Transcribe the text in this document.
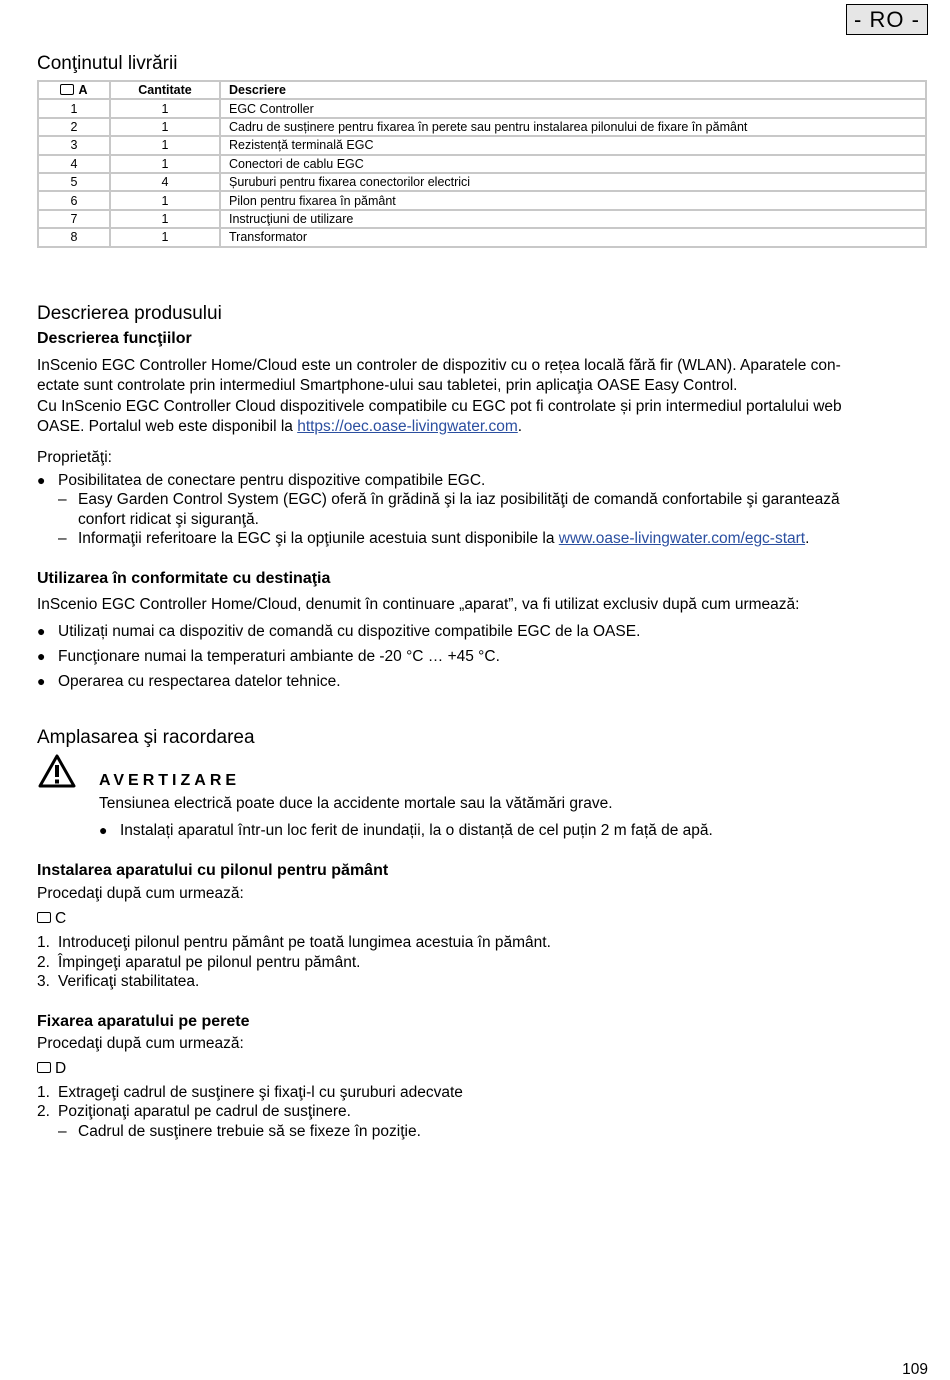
- RO -
Conţinutul livrării
A	Cantitate	Descriere
1	1	EGC Controller
2	1	Cadru de susținere pentru fixarea în perete sau pentru instalarea pilonului de fixare în pământ
3	1	Rezistență terminală EGC
4	1	Conectori de cablu EGC
5	4	Șuruburi pentru fixarea conectorilor electrici
6	1	Pilon pentru fixarea în pământ
7	1	Instrucţiuni de utilizare
8	1	Transformator
Descrierea produsului
Descrierea funcţiilor
InScenio EGC Controller Home/Cloud este un controler de dispozitiv cu o rețea locală fără fir (WLAN). Aparatele con-
ectate sunt controlate prin intermediul Smartphone-ului sau tabletei, prin aplicaţia OASE Easy Control.
Cu InScenio EGC Controller Cloud dispozitivele compatibile cu EGC pot fi controlate și prin intermediul portalului web
OASE. Portalul web este disponibil la https://oec.oase-livingwater.com.
Proprietăţi:
● Posibilitatea de conectare pentru dispozitive compatibile EGC.
– Easy Garden Control System (EGC) oferă în grădină şi la iaz posibilităţi de comandă confortabile şi garantează
confort ridicat şi siguranţă.
– Informaţii referitoare la EGC şi la opţiunile acestuia sunt disponibile la www.oase-livingwater.com/egc-start.
Utilizarea în conformitate cu destinaţia
InScenio EGC Controller Home/Cloud, denumit în continuare „aparat”, va fi utilizat exclusiv după cum urmează:
● Utilizați numai ca dispozitiv de comandă cu dispozitive compatibile EGC de la OASE.
● Funcţionare numai la temperaturi ambiante de -20 °C … +45 °C.
● Operarea cu respectarea datelor tehnice.
Amplasarea şi racordarea
AVERTIZARE
Tensiunea electrică poate duce la accidente mortale sau la vătămări grave.
● Instalați aparatul într-un loc ferit de inundații, la o distanță de cel puțin 2 m față de apă.
Instalarea aparatului cu pilonul pentru pământ
Procedaţi după cum urmează:
C
1. Introduceţi pilonul pentru pământ pe toată lungimea acestuia în pământ.
2. Împingeţi aparatul pe pilonul pentru pământ.
3. Verificaţi stabilitatea.
Fixarea aparatului pe perete
Procedaţi după cum urmează:
D
1. Extrageţi cadrul de susţinere şi fixaţi-l cu şuruburi adecvate
2. Poziţionaţi aparatul pe cadrul de susţinere.
– Cadrul de susţinere trebuie să se fixeze în poziţie.
109
